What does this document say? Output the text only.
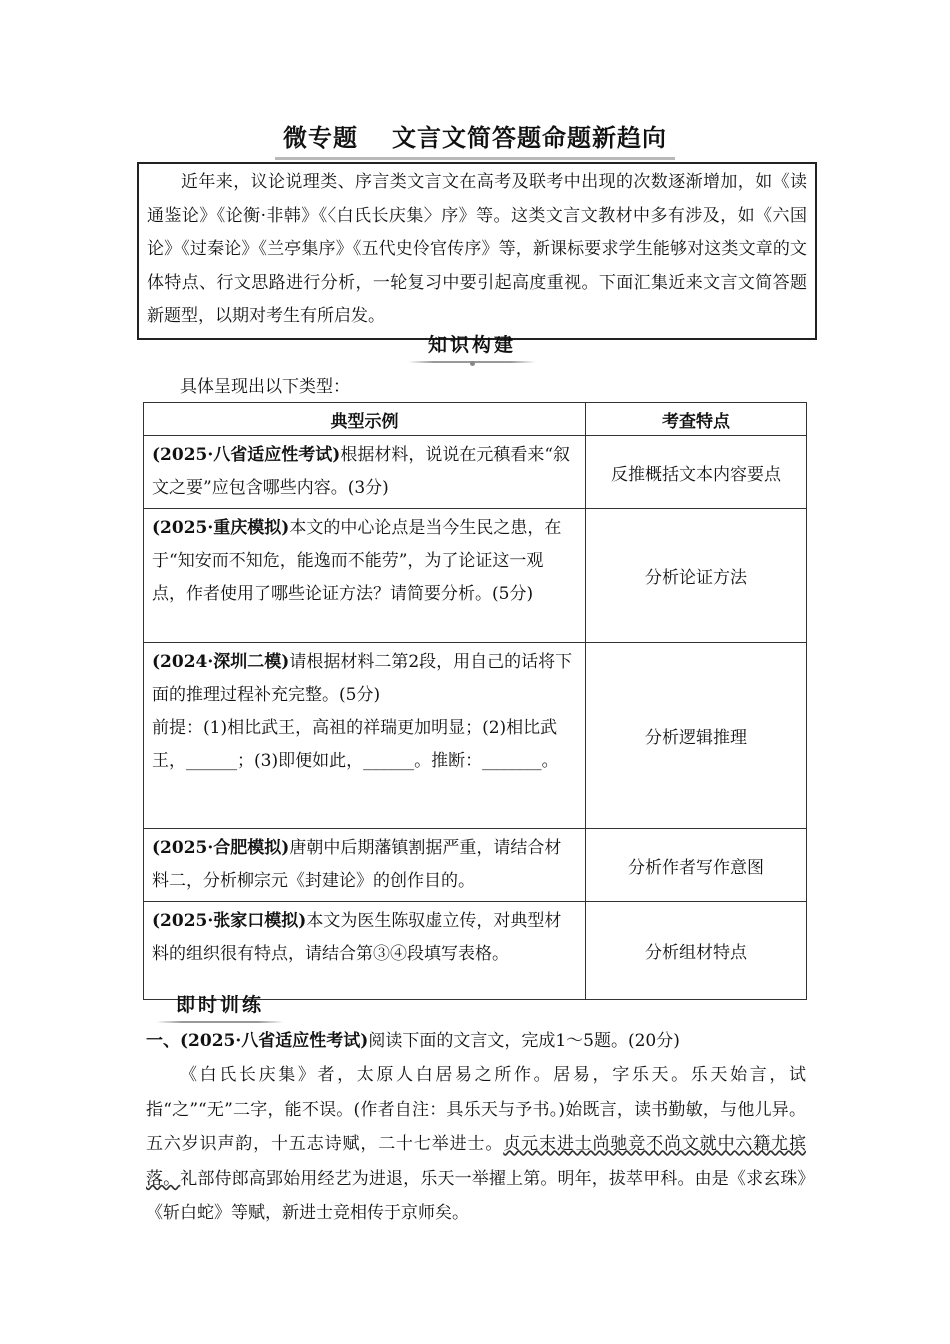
微专题 文言文简答题命题新趋向
近年来，议论说理类、序言类文言文在高考及联考中出现的次数逐渐增加，如《读通鉴论》《论衡·非韩》《〈白氏长庆集〉序》等。这类文言文教材中多有涉及，如《六国论》《过秦论》《兰亭集序》《五代史伶官传序》等，新课标要求学生能够对这类文章的文体特点、行文思路进行分析，一轮复习中要引起高度重视。下面汇集近来文言文简答题新题型，以期对考生有所启发。
知识构建
具体呈现出以下类型：
典型示例	考查特点
(2025·八省适应性考试)根据材料，说说在元稹看来“叙文之要”应包含哪些内容。(3分)	反推概括文本内容要点
(2025·重庆模拟)本文的中心论点是当今生民之患，在于“知安而不知危，能逸而不能劳”，为了论证这一观点，作者使用了哪些论证方法？请简要分析。(5分)	分析论证方法
(2024·深圳二模)请根据材料二第2段，用自己的话将下面的推理过程补充完整。(5分)
前提：(1)相比武王，高祖的祥瑞更加明显；(2)相比武王，______；(3)即便如此，______。推断：_______。	分析逻辑推理
(2025·合肥模拟)唐朝中后期藩镇割据严重，请结合材料二，分析柳宗元《封建论》的创作目的。	分析作者写作意图
(2025·张家口模拟)本文为医生陈驭虚立传，对典型材料的组织很有特点，请结合第③④段填写表格。	分析组材特点
即时训练
一、(2025·八省适应性考试)阅读下面的文言文，完成1～5题。(20分)
《白氏长庆集》者，太原人白居易之所作。居易，字乐天。乐天始言，试指“之”“无”二字，能不误。(作者自注：具乐天与予书。)始既言，读书勤敏，与他儿异。五六岁识声韵，十五志诗赋，二十七举进士。贞元末进士尚驰竞不尚文就中六籍尤摈落。礼部侍郎高郢始用经艺为进退，乐天一举擢上第。明年，拔萃甲科。由是《求玄珠》《斩白蛇》等赋，新进士竞相传于京师矣。
